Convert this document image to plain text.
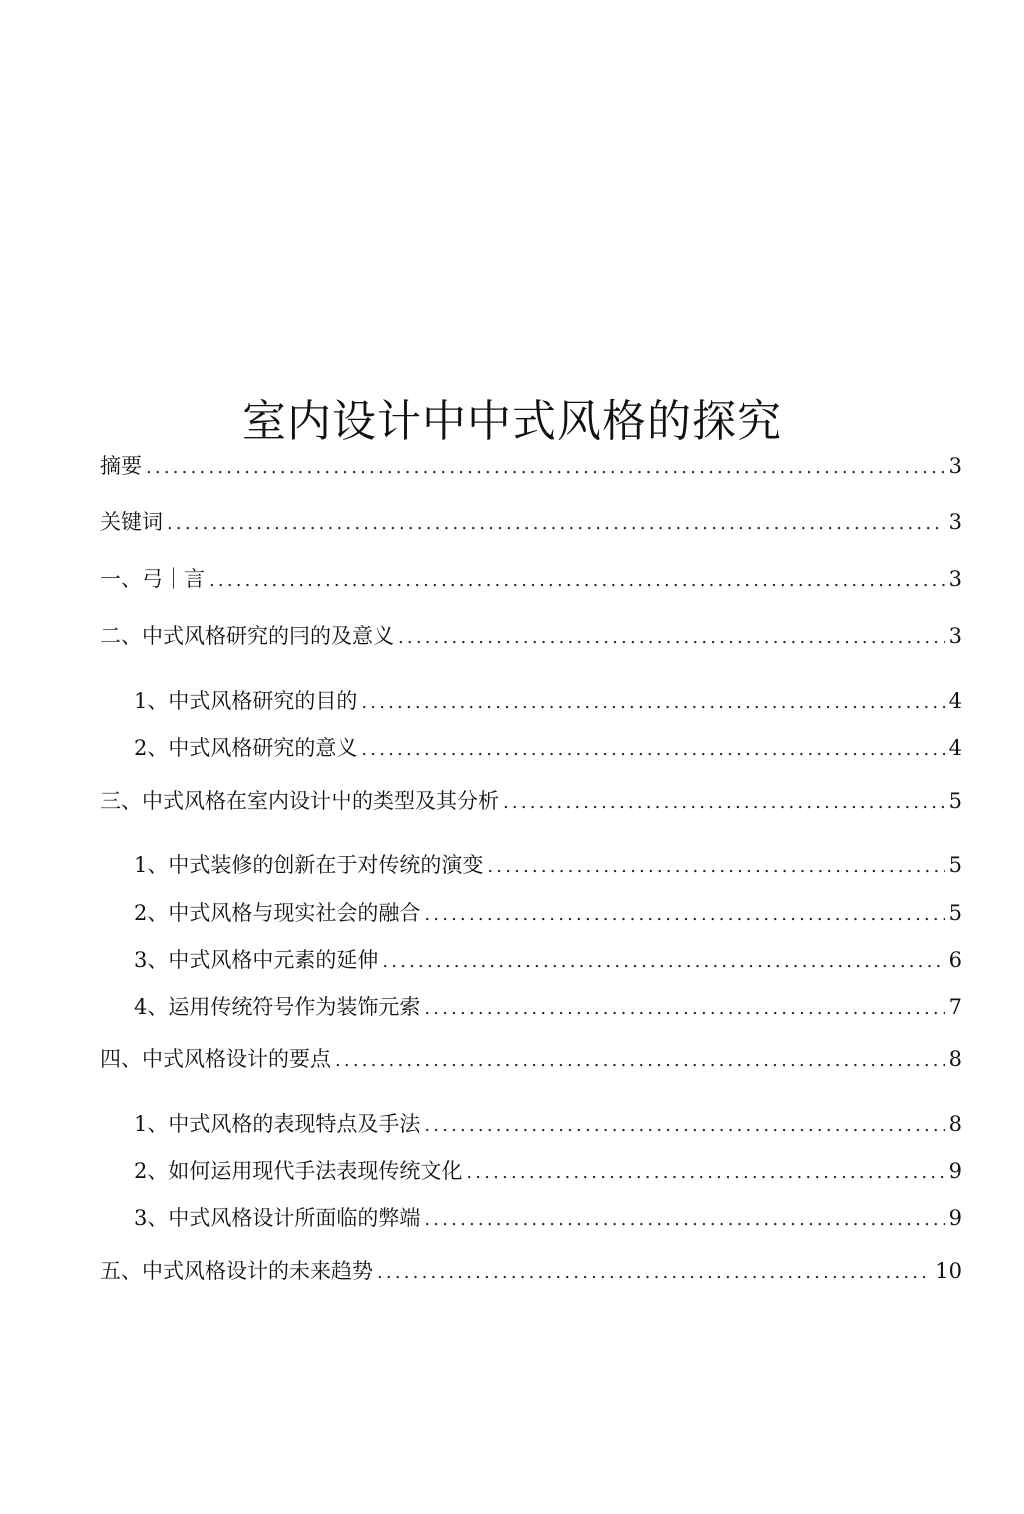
室内设计中中式风格的探究
摘要 .....	3
关键词 .....	3
一、弓｜言 .....	3
二、中式风格研究的冃的及意义 .....	3
1、中式风格研究的目的 .....	4
2、中式风格研究的意义 .....	4
三、中式风格在室内设计屮的类型及其分析 .....	5
1、中式装修的创新在于对传统的演变 .....	5
2、中式风格与现实社会的融合 .....	5
3、中式风格中元素的延伸 .....	6
4、运用传统符号作为装饰元索 .....	7
四、中式风格设计的要点 .....	8
1、中式风格的表现特点及手法 .....	8
2、如何运用现代手法表现传统文化 .....	9
3、中式风格设计所面临的弊端 .....	9
五、中式风格设计的未来趋势 .....	10
